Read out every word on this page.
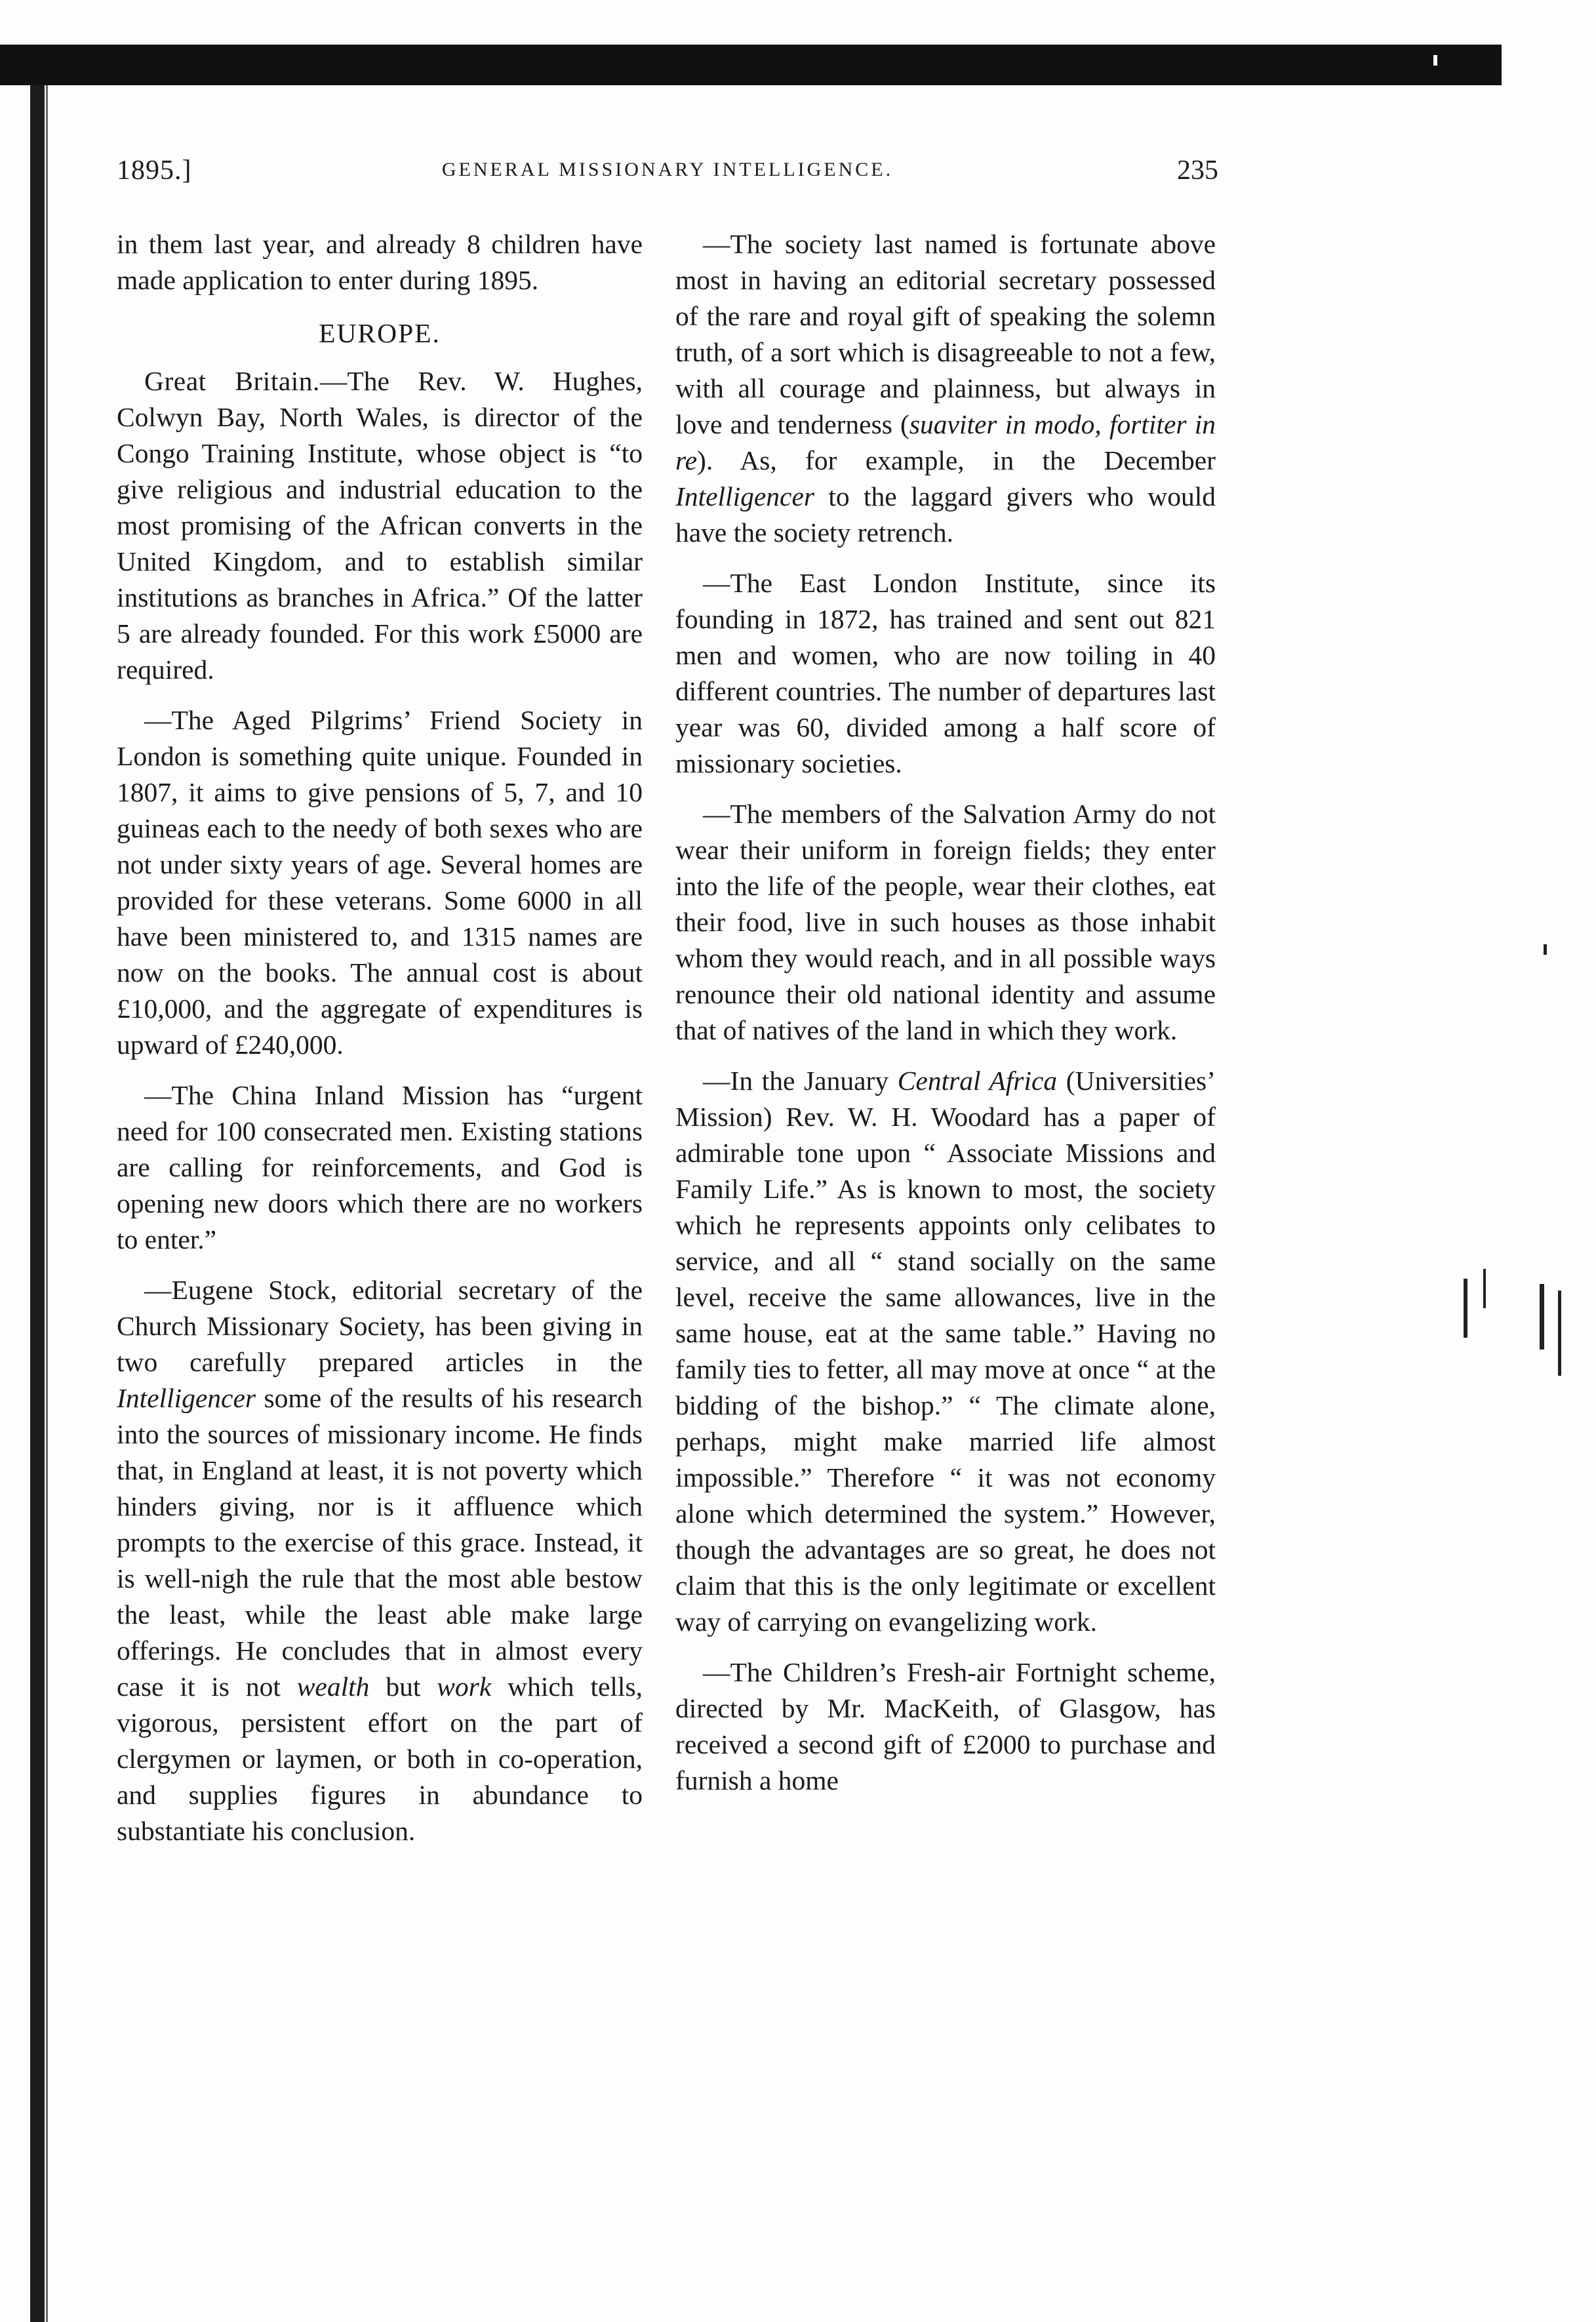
1895.]	GENERAL MISSIONARY INTELLIGENCE.	235

in them last year, and already 8 children have made application to enter during 1895.

EUROPE.

Great Britain.—The Rev. W. Hughes, Colwyn Bay, North Wales, is director of the Congo Training Institute, whose object is “to give religious and industrial education to the most promising of the African converts in the United Kingdom, and to establish similar institutions as branches in Africa.” Of the latter 5 are already founded. For this work £5000 are required.

—The Aged Pilgrims’ Friend Society in London is something quite unique. Founded in 1807, it aims to give pensions of 5, 7, and 10 guineas each to the needy of both sexes who are not under sixty years of age. Several homes are provided for these veterans. Some 6000 in all have been ministered to, and 1315 names are now on the books. The annual cost is about £10,000, and the aggregate of expenditures is upward of £240,000.

—The China Inland Mission has “urgent need for 100 consecrated men. Existing stations are calling for reinforcements, and God is opening new doors which there are no workers to enter.”

—Eugene Stock, editorial secretary of the Church Missionary Society, has been giving in two carefully prepared articles in the Intelligencer some of the results of his research into the sources of missionary income. He finds that, in England at least, it is not poverty which hinders giving, nor is it affluence which prompts to the exercise of this grace. Instead, it is well-nigh the rule that the most able bestow the least, while the least able make large offerings. He concludes that in almost every case it is not wealth but work which tells, vigorous, persistent effort on the part of clergymen or laymen, or both in co-operation, and supplies figures in abundance to substantiate his conclusion.

—The society last named is fortunate above most in having an editorial secretary possessed of the rare and royal gift of speaking the solemn truth, of a sort which is disagreeable to not a few, with all courage and plainness, but always in love and tenderness (suaviter in modo, fortiter in re). As, for example, in the December Intelligencer to the laggard givers who would have the society retrench.

—The East London Institute, since its founding in 1872, has trained and sent out 821 men and women, who are now toiling in 40 different countries. The number of departures last year was 60, divided among a half score of missionary societies.

—The members of the Salvation Army do not wear their uniform in foreign fields; they enter into the life of the people, wear their clothes, eat their food, live in such houses as those inhabit whom they would reach, and in all possible ways renounce their old national identity and assume that of natives of the land in which they work.

—In the January Central Africa (Universities’ Mission) Rev. W. H. Woodard has a paper of admirable tone upon “ Associate Missions and Family Life.” As is known to most, the society which he represents appoints only celibates to service, and all “ stand socially on the same level, receive the same allowances, live in the same house, eat at the same table.” Having no family ties to fetter, all may move at once “ at the bidding of the bishop.” “ The climate alone, perhaps, might make married life almost impossible.” Therefore “ it was not economy alone which determined the system.” However, though the advantages are so great, he does not claim that this is the only legitimate or excellent way of carrying on evangelizing work.

—The Children’s Fresh-air Fortnight scheme, directed by Mr. MacKeith, of Glasgow, has received a second gift of £2000 to purchase and furnish a home
